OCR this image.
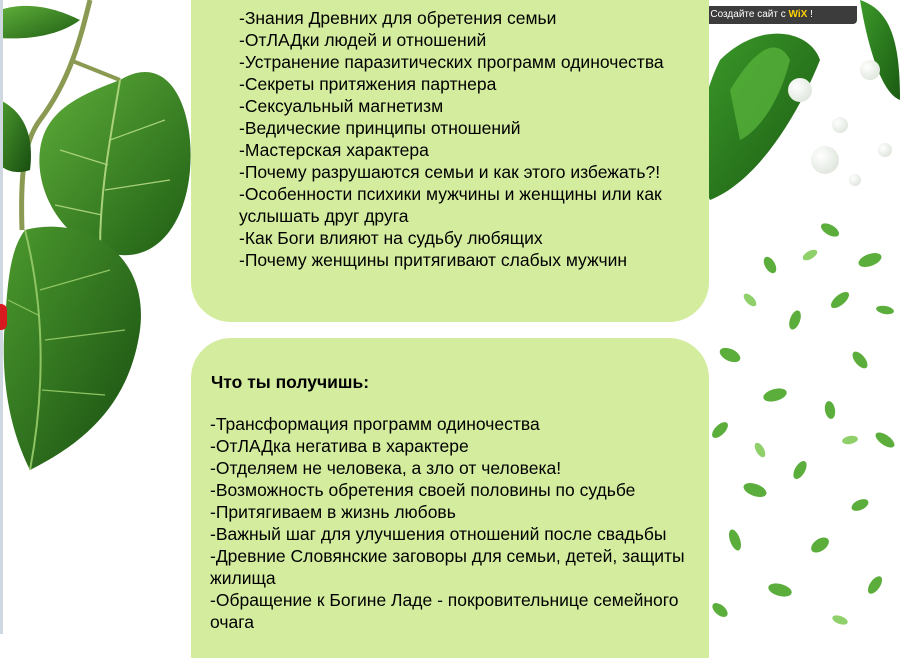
Создайте сайт с WiX !
-Знания Древних для обретения семьи
-ОтЛАДки людей и отношений
-Устранение паразитических программ одиночества
-Секреты притяжения партнера
-Сексуальный магнетизм
-Ведические принципы отношений
-Мастерская характера
-Почему разрушаются семьи и как этого избежать?!
-Особенности психики мужчины и женщины или как услышать друг друга
-Как Боги влияют на судьбу любящих
-Почему женщины притягивают слабых мужчин
Что ты получишь:
-Трансформация программ одиночества
-ОтЛАДка негатива в характере
-Отделяем не человека, а зло от человека!
-Возможность обретения своей половины по судьбе
-Притягиваем в жизнь любовь
-Важный шаг для улучшения отношений после свадьбы
-Древние Словянские заговоры для семьи, детей, защиты жилища
-Обращение к Богине Ладе - покровительнице семейного очага
